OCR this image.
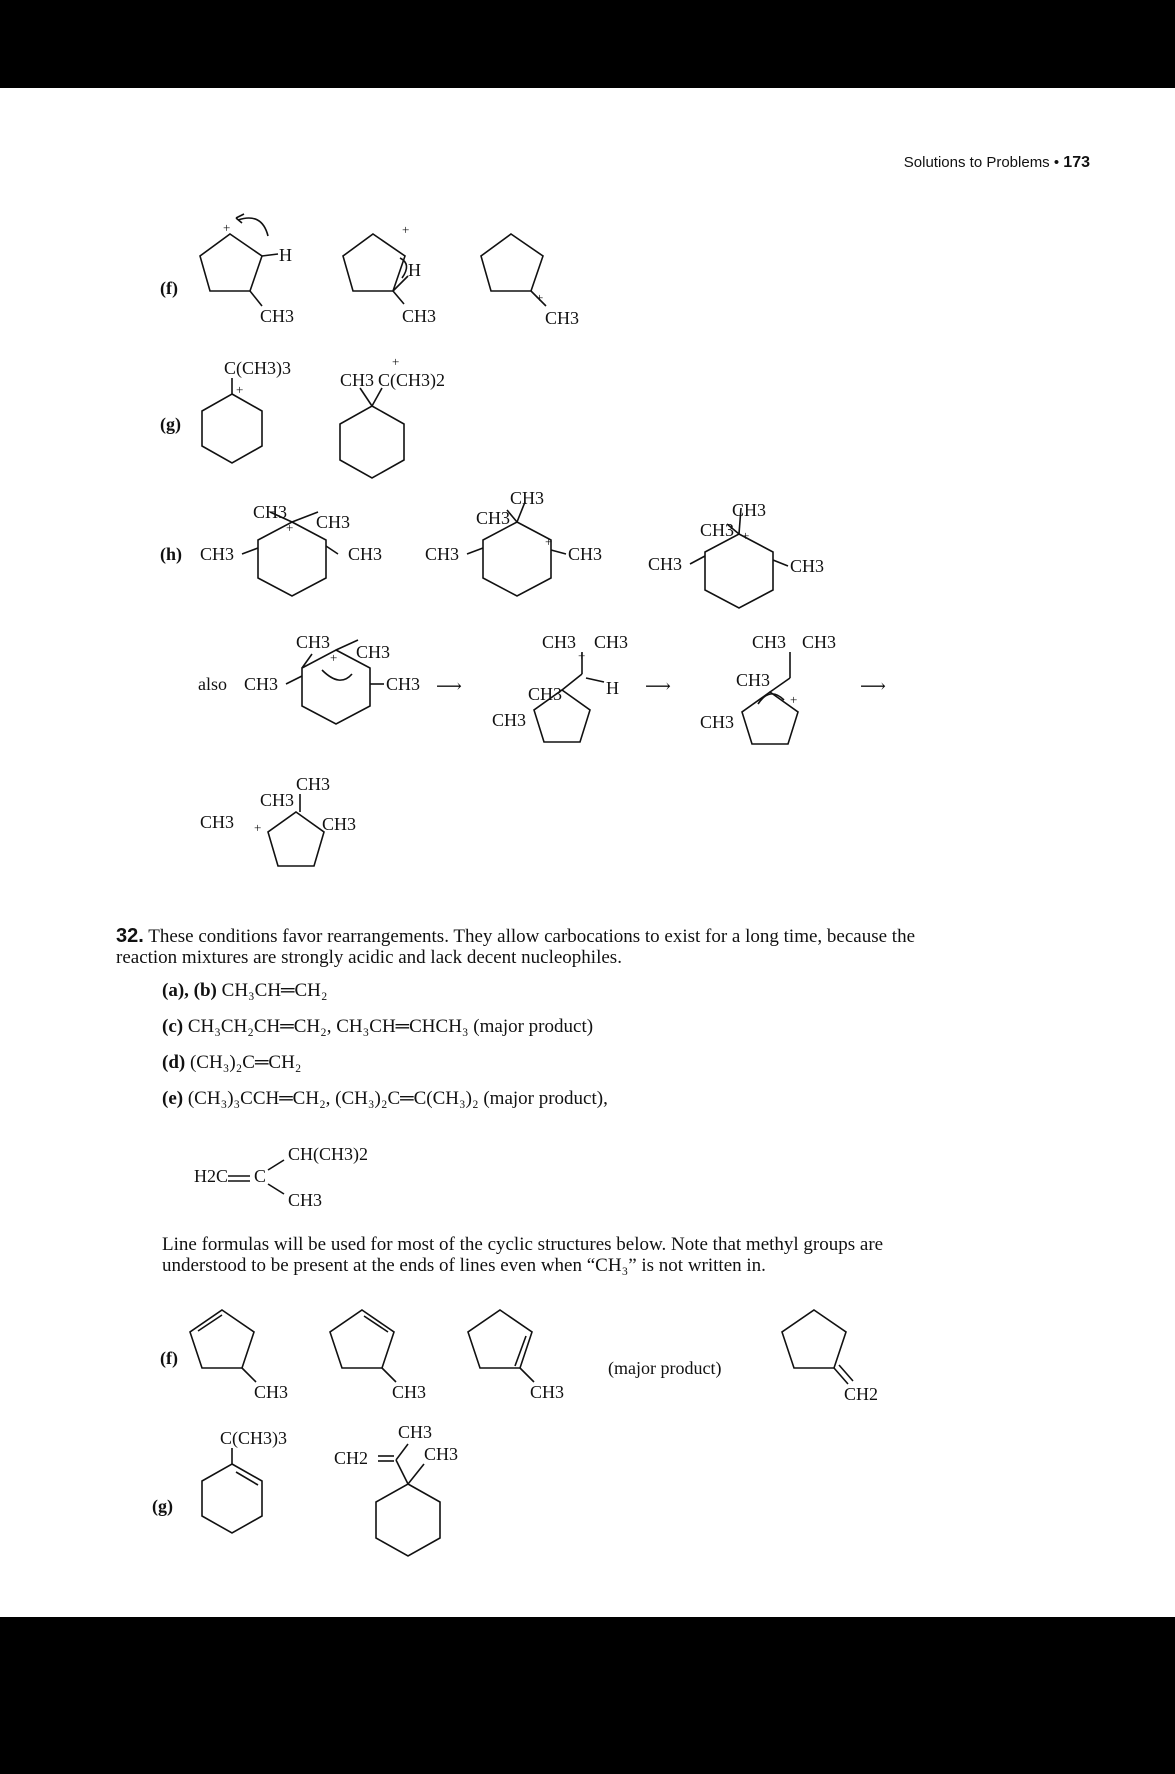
Solutions to Problems • 173
(f)
H
CH3
+	+
H
CH3
+
CH3
(g)
C(CH3)3
+	CH3 C(CH3)2
+
(h) CH3
CH3 CH3
+
CH3 CH3
CH3
CH3
+
CH3	CH3
CH3
CH3
+
CH3
also CH3
CH3 CH3
+
CH3 ⟶
CH3 CH3
+
H
CH3
CH3
⟶
CH3 CH3
CH3
+
CH3
⟶
CH3
CH3
CH3 +	CH3
H2C C
CH(CH3)2
CH3
(f)
CH3	CH3	CH3
(major product)
CH2
(g)
C(CH3)3
CH2
CH3
CH3
32. These conditions favor rearrangements. They allow carbocations to exist for a long time, because the
reaction mixtures are strongly acidic and lack decent nucleophiles.
(a), (b) CH₃CH═CH₂
(c) CH₃CH₂CH═CH₂, CH₃CH═CHCH₃ (major product)
(d) (CH₃)₂C═CH₂
(e) (CH₃)₃CCH═CH₂, (CH₃)₂C═C(CH₃)₂ (major product),
Line formulas will be used for most of the cyclic structures below. Note that methyl groups are
understood to be present at the ends of lines even when “CH₃” is not written in.
